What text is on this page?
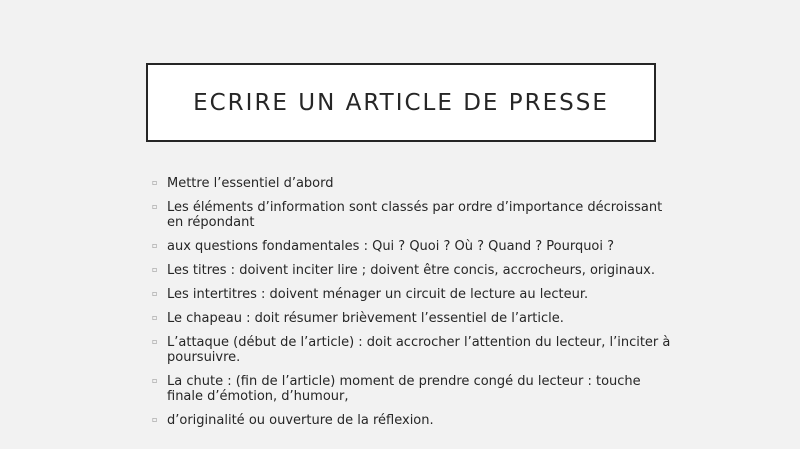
ECRIRE UN ARTICLE DE PRESSE
▫ Mettre l’essentiel d’abord
▫ Les éléments d’information sont classés par ordre d’importance décroissant en répondant
▫ aux questions fondamentales : Qui ? Quoi ? Où ? Quand ? Pourquoi ?
▫ Les titres : doivent inciter lire ; doivent être concis, accrocheurs, originaux.
▫ Les intertitres : doivent ménager un circuit de lecture au lecteur.
▫ Le chapeau : doit résumer brièvement l’essentiel de l’article.
▫ L’attaque (début de l’article) : doit accrocher l’attention du lecteur, l’inciter à poursuivre.
▫ La chute : (fin de l’article) moment de prendre congé du lecteur : touche finale d’émotion, d’humour,
▫ d’originalité ou ouverture de la réflexion.
